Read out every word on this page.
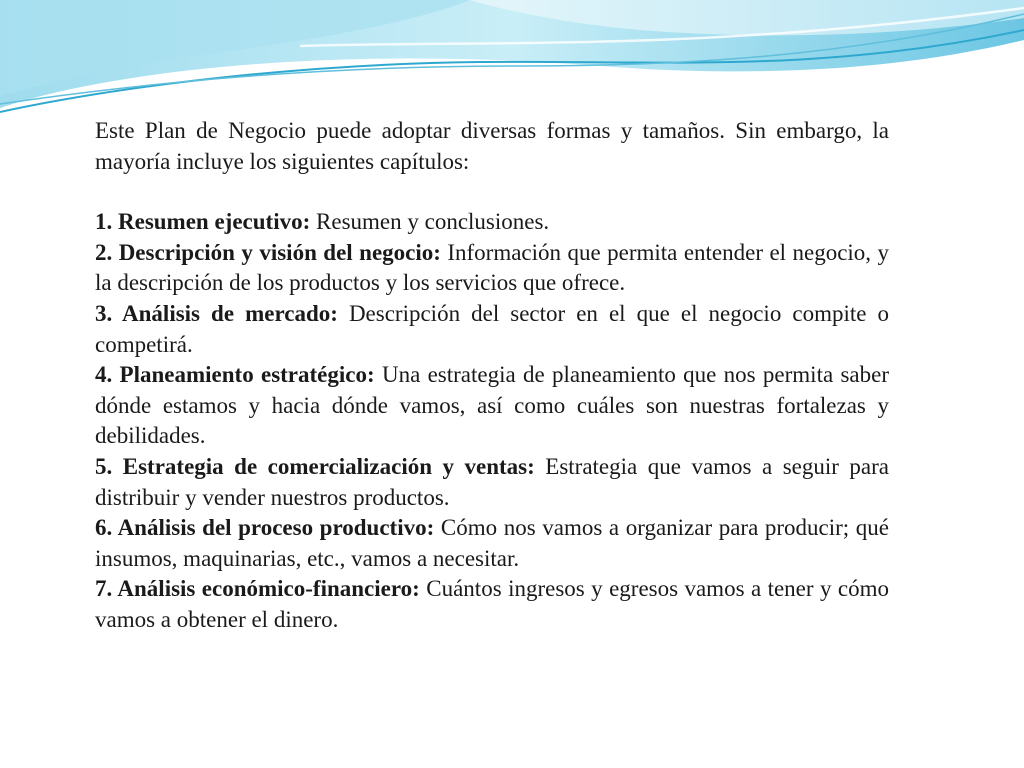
Este Plan de Negocio puede adoptar diversas formas y tamaños. Sin embargo, la mayoría incluye los siguientes capítulos:

1. Resumen ejecutivo: Resumen y conclusiones.

2. Descripción y visión del negocio: Información que permita entender el negocio, y la descripción de los productos y los servicios que ofrece.

3. Análisis de mercado: Descripción del sector en el que el negocio compite o competirá.

4. Planeamiento estratégico: Una estrategia de planeamiento que nos permita saber dónde estamos y hacia dónde vamos, así como cuáles son nuestras fortalezas y debilidades.

5. Estrategia de comercialización y ventas: Estrategia que vamos a seguir para distribuir y vender nuestros productos.

6. Análisis del proceso productivo: Cómo nos vamos a organizar para producir; qué insumos, maquinarias, etc., vamos a necesitar.

7. Análisis económico-financiero: Cuántos ingresos y egresos vamos a tener y cómo vamos a obtener el dinero.
